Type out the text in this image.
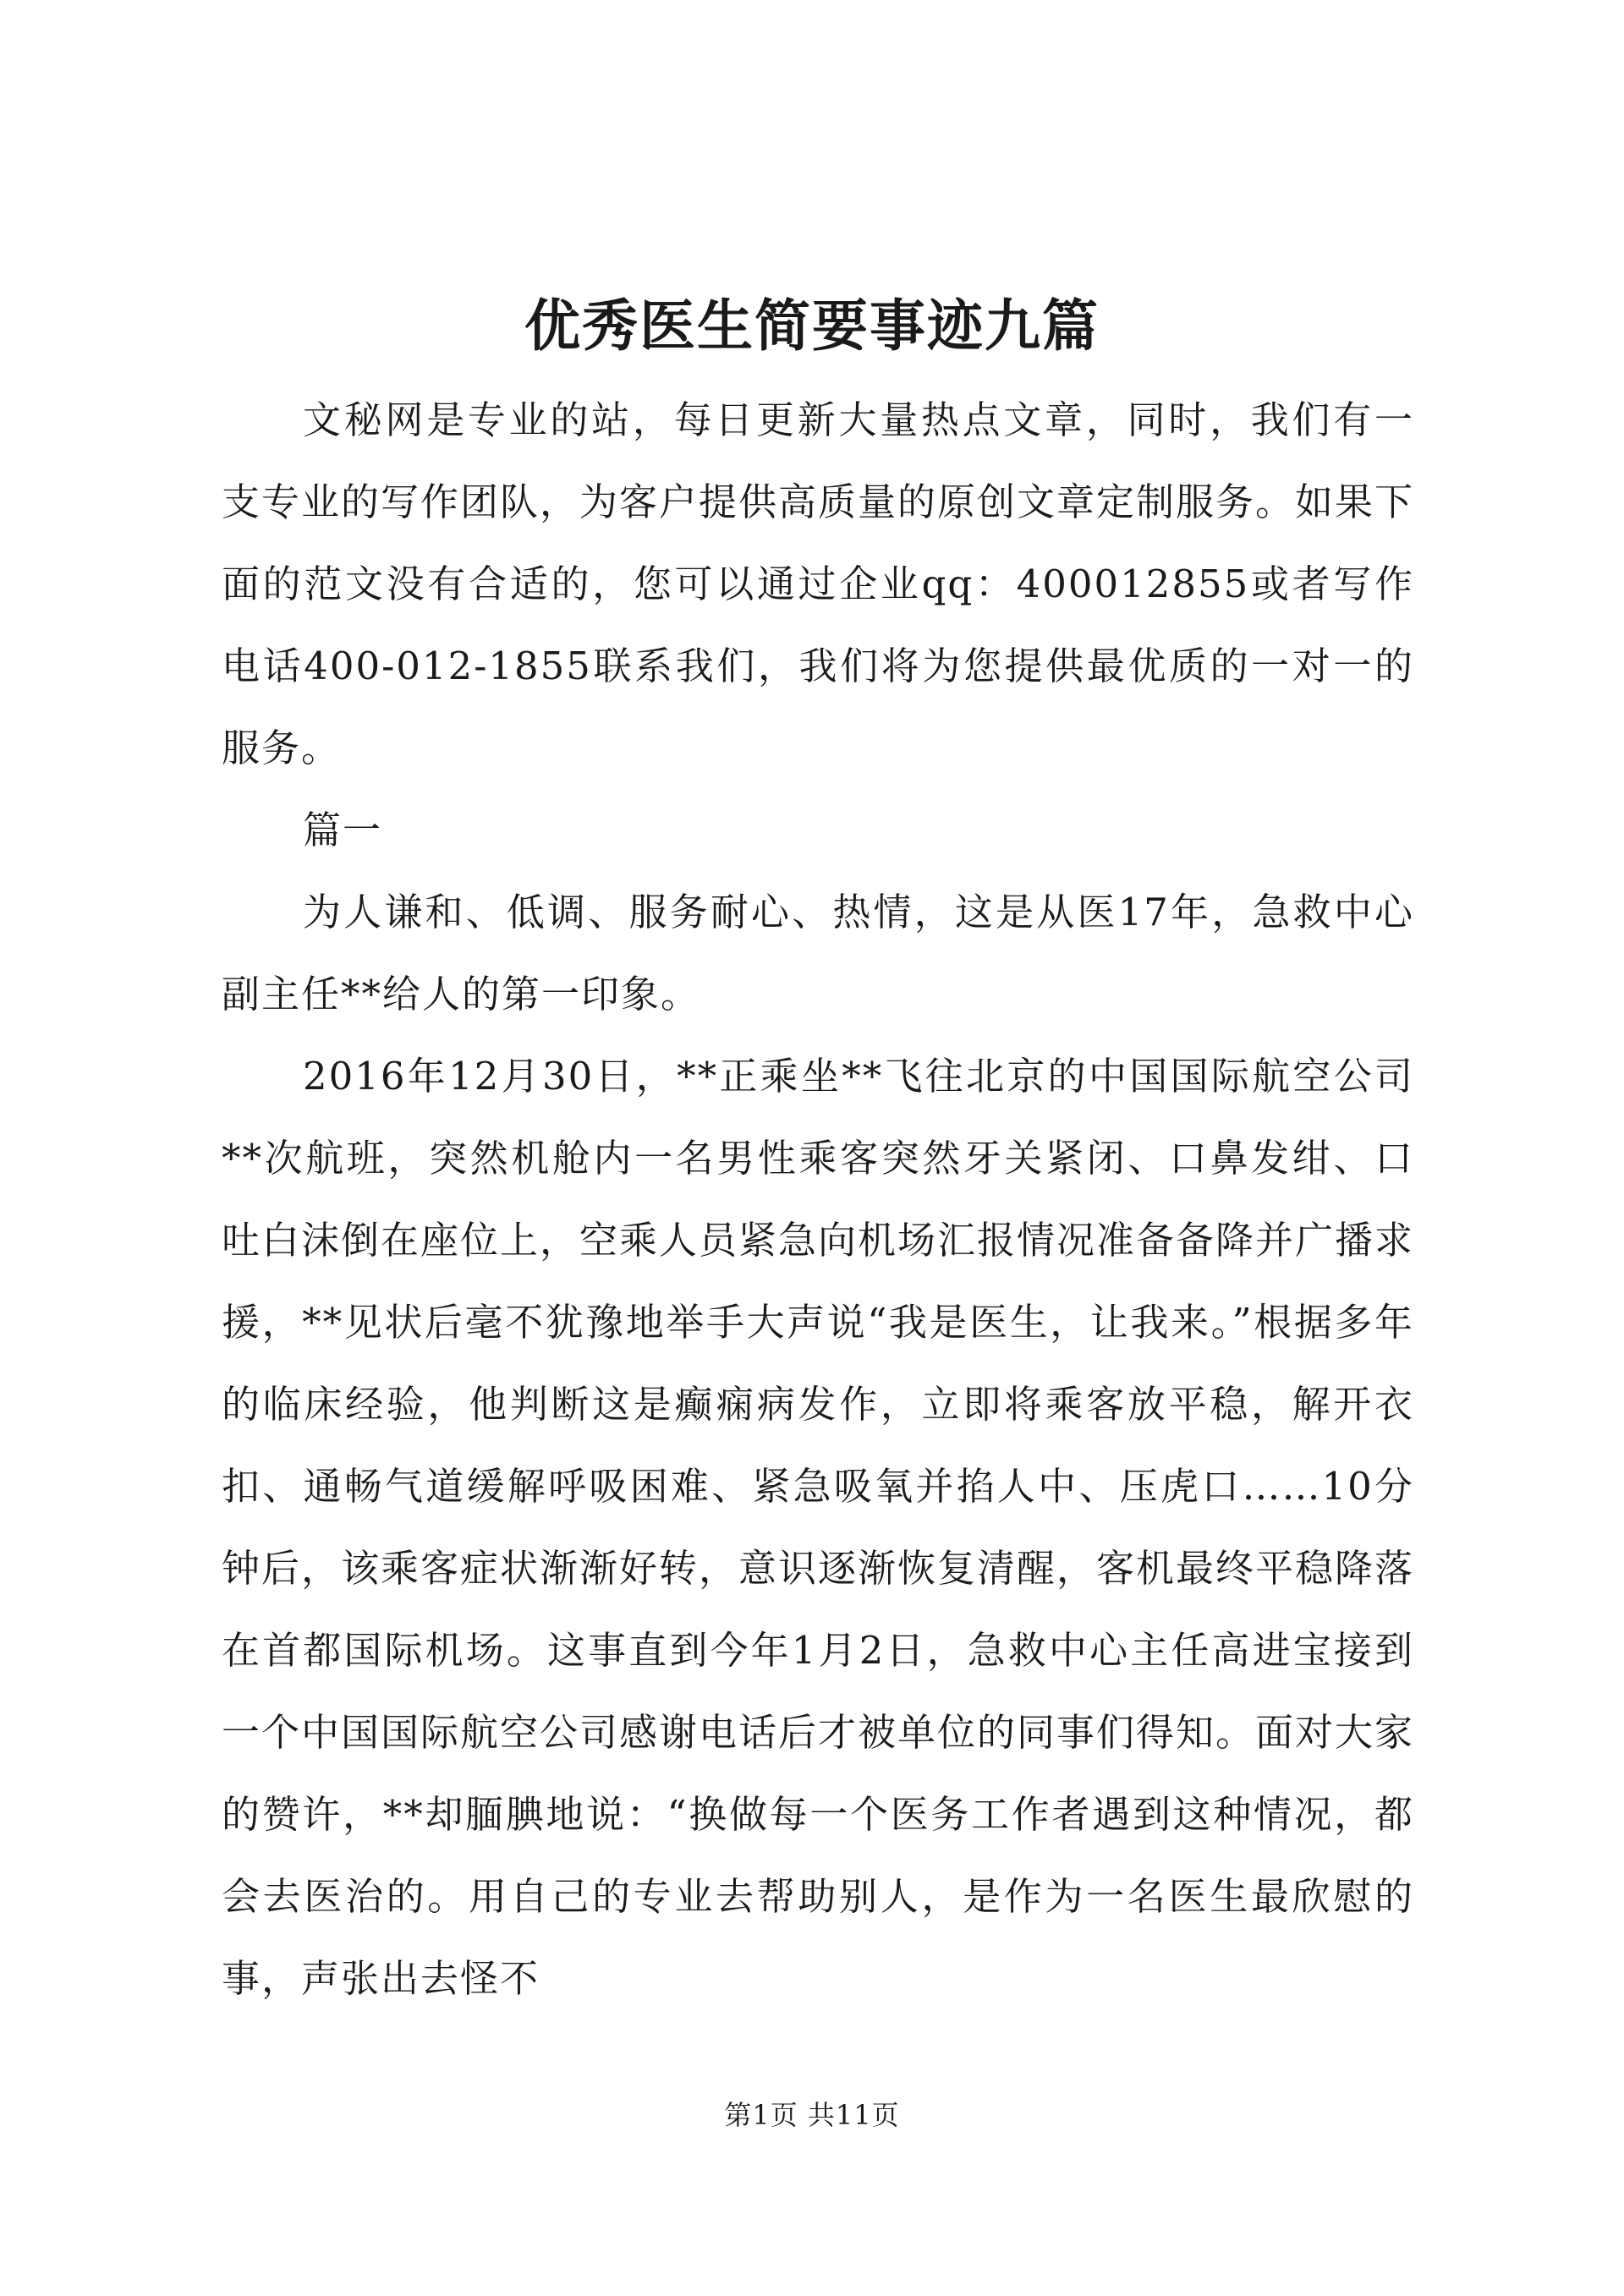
优秀医生简要事迹九篇

文秘网是专业的站，每日更新大量热点文章，同时，我们有一支专业的写作团队，为客户提供高质量的原创文章定制服务。如果下面的范文没有合适的，您可以通过企业qq：400012855或者写作电话400-012-1855联系我们，我们将为您提供最优质的一对一的服务。

篇一

为人谦和、低调、服务耐心、热情，这是从医17年，急救中心副主任**给人的第一印象。

2016年12月30日，**正乘坐**飞往北京的中国国际航空公司**次航班，突然机舱内一名男性乘客突然牙关紧闭、口鼻发绀、口吐白沫倒在座位上，空乘人员紧急向机场汇报情况准备备降并广播求援，**见状后毫不犹豫地举手大声说“我是医生，让我来。”根据多年的临床经验，他判断这是癫痫病发作，立即将乘客放平稳，解开衣扣、通畅气道缓解呼吸困难、紧急吸氧并掐人中、压虎口……10分钟后，该乘客症状渐渐好转，意识逐渐恢复清醒，客机最终平稳降落在首都国际机场。这事直到今年1月2日，急救中心主任高进宝接到一个中国国际航空公司感谢电话后才被单位的同事们得知。面对大家的赞许，**却腼腆地说：“换做每一个医务工作者遇到这种情况，都会去医治的。用自己的专业去帮助别人，是作为一名医生最欣慰的事，声张出去怪不

第1页 共11页
